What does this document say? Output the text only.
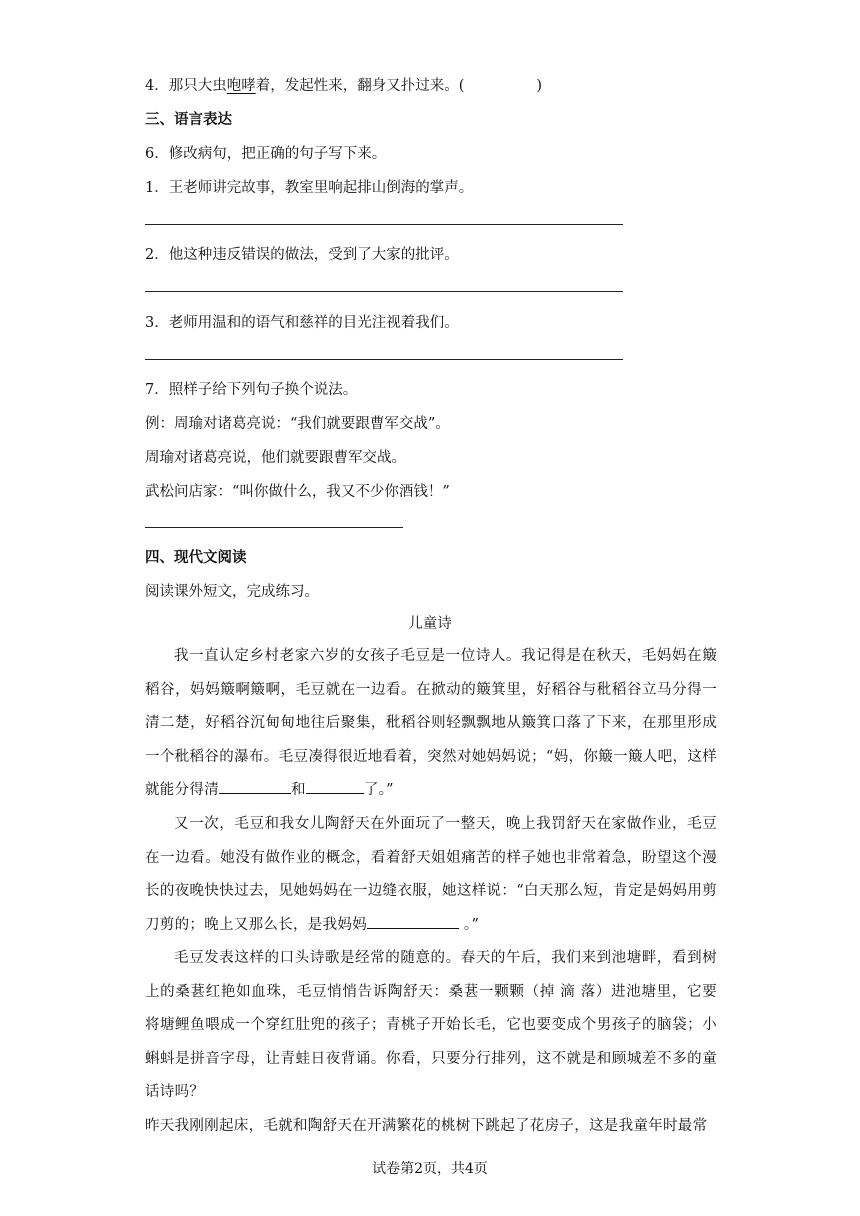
4．那只大虫咆哮着，发起性来，翻身又扑过来。(	)
三、语言表达
6．修改病句，把正确的句子写下来。
1．王老师讲完故事，教室里响起排山倒海的掌声。
2．他这种违反错误的做法，受到了大家的批评。
3．老师用温和的语气和慈祥的目光注视着我们。
7．照样子给下列句子换个说法。
例：周瑜对诸葛亮说：“我们就要跟曹军交战”。
周瑜对诸葛亮说，他们就要跟曹军交战。
武松问店家：“叫你做什么，我又不少你酒钱！”
四、现代文阅读
阅读课外短文，完成练习。
儿童诗
我一直认定乡村老家六岁的女孩子毛豆是一位诗人。我记得是在秋天，毛妈妈在簸稻谷，妈妈簸啊簸啊，毛豆就在一边看。在掀动的簸箕里，好稻谷与秕稻谷立马分得一清二楚，好稻谷沉甸甸地往后聚集，秕稻谷则轻飘飘地从簸箕口落了下来，在那里形成一个秕稻谷的瀑布。毛豆凑得很近地看着，突然对她妈妈说；“妈，你簸一簸人吧，这样就能分得清	和	了。”
又一次，毛豆和我女儿陶舒天在外面玩了一整天，晚上我罚舒天在家做作业，毛豆在一边看。她没有做作业的概念，看着舒天姐姐痛苦的样子她也非常着急，盼望这个漫长的夜晚快快过去，见她妈妈在一边缝衣服，她这样说：“白天那么短，肯定是妈妈用剪刀剪的；晚上又那么长，是我妈妈	。”
毛豆发表这样的口头诗歌是经常的随意的。春天的午后，我们来到池塘畔，看到树上的桑葚红艳如血珠，毛豆悄悄告诉陶舒天：桑葚一颗颗（掉 滴 落）进池塘里，它要将塘鲤鱼喂成一个穿红肚兜的孩子；青桃子开始长毛，它也要变成个男孩子的脑袋；小蝌蚪是拼音字母，让青蛙日夜背诵。你看，只要分行排列，这不就是和顾城差不多的童话诗吗？
昨天我刚刚起床，毛就和陶舒天在开满繁花的桃树下跳起了花房子，这是我童年时最常
试卷第2页，共4页
